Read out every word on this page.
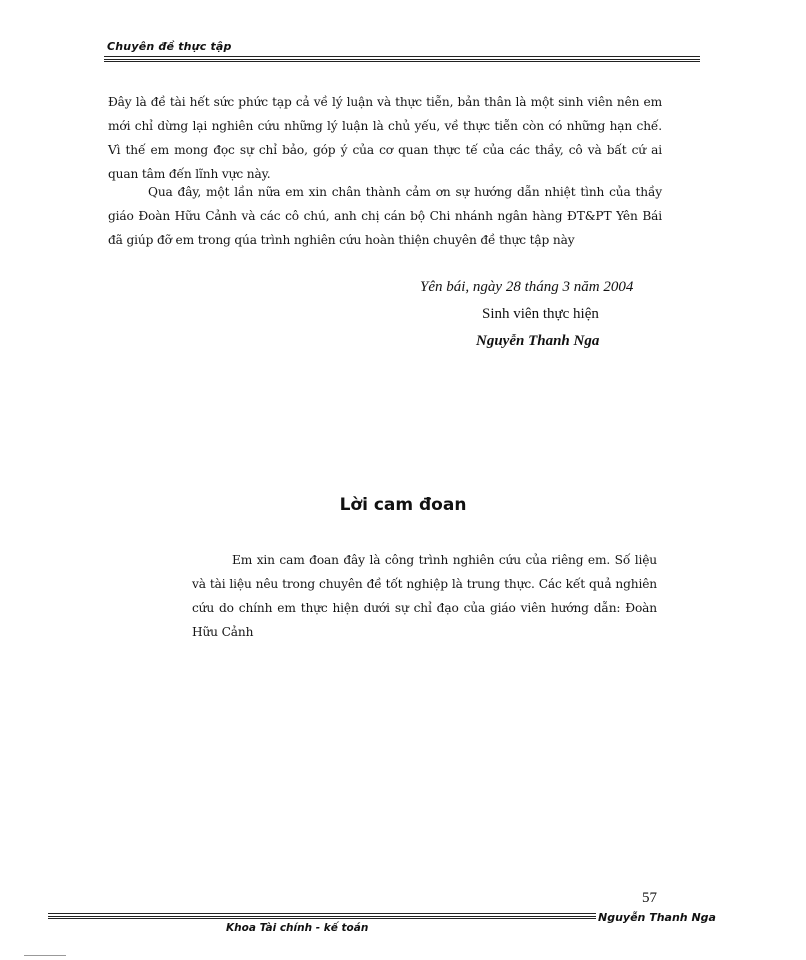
Chuyên đề thực tập
Đây là đề tài hết sức phức tạp cả về lý luận và thực tiễn, bản thân là một sinh viên nên em mới chỉ dừng lại nghiên cứu những lý luận là chủ yếu, về thực tiễn còn có những hạn chế. Vì thế em mong đọc sự chỉ bảo, góp ý của cơ quan thực tế của các thầy, cô và bất cứ ai quan tâm đến lĩnh vực này.
Qua đây, một lần nữa em xin chân thành cảm ơn sự hướng dẫn nhiệt tình của thầy giáo Đoàn Hữu Cảnh và các cô chú, anh chị cán bộ Chi nhánh ngân hàng ĐT&PT Yên Bái đã giúp đỡ em trong qúa trình nghiên cứu hoàn thiện chuyên đề thực tập này
Yên bái, ngày 28 tháng 3 năm 2004
Sinh viên thực hiện
Nguyễn Thanh Nga
Lời cam đoan
Em xin cam đoan đây là công trình nghiên cứu của riêng em. Số liệu và tài liệu nêu trong chuyên đề tốt nghiệp là trung thực. Các kết quả nghiên cứu do chính em thực hiện dưới sự chỉ đạo của giáo viên hướng dẫn: Đoàn Hữu Cảnh
57
Nguyễn Thanh Nga
Khoa Tài chính - kế toán
